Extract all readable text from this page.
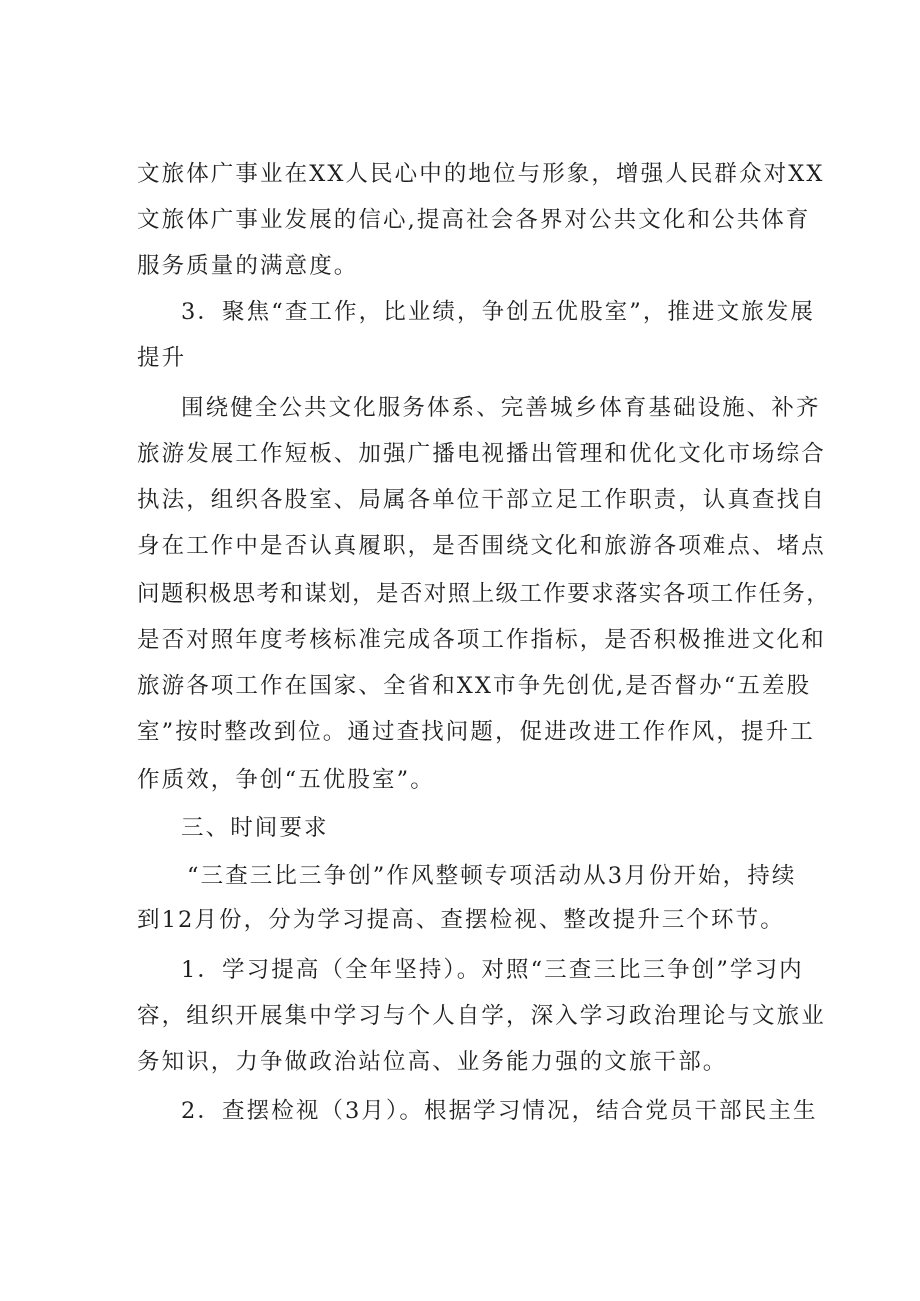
文旅体广事业在XX人民心中的地位与形象，增强人民群众对XX
文旅体广事业发展的信心,提高社会各界对公共文化和公共体育
服务质量的满意度。
3．聚焦“查工作，比业绩，争创五优股室”，推进文旅发展
提升
围绕健全公共文化服务体系、完善城乡体育基础设施、补齐
旅游发展工作短板、加强广播电视播出管理和优化文化市场综合
执法，组织各股室、局属各单位干部立足工作职责，认真查找自
身在工作中是否认真履职，是否围绕文化和旅游各项难点、堵点
问题积极思考和谋划，是否对照上级工作要求落实各项工作任务，
是否对照年度考核标准完成各项工作指标，是否积极推进文化和
旅游各项工作在国家、全省和XX市争先创优,是否督办“五差股
室”按时整改到位。通过查找问题，促进改进工作作风，提升工
作质效，争创“五优股室”。
三、时间要求
“三查三比三争创”作风整顿专项活动从3月份开始，持续
到12月份，分为学习提高、查摆检视、整改提升三个环节。
1．学习提高（全年坚持）。对照“三查三比三争创”学习内
容，组织开展集中学习与个人自学，深入学习政治理论与文旅业
务知识，力争做政治站位高、业务能力强的文旅干部。
2．查摆检视（3月）。根据学习情况，结合党员干部民主生
